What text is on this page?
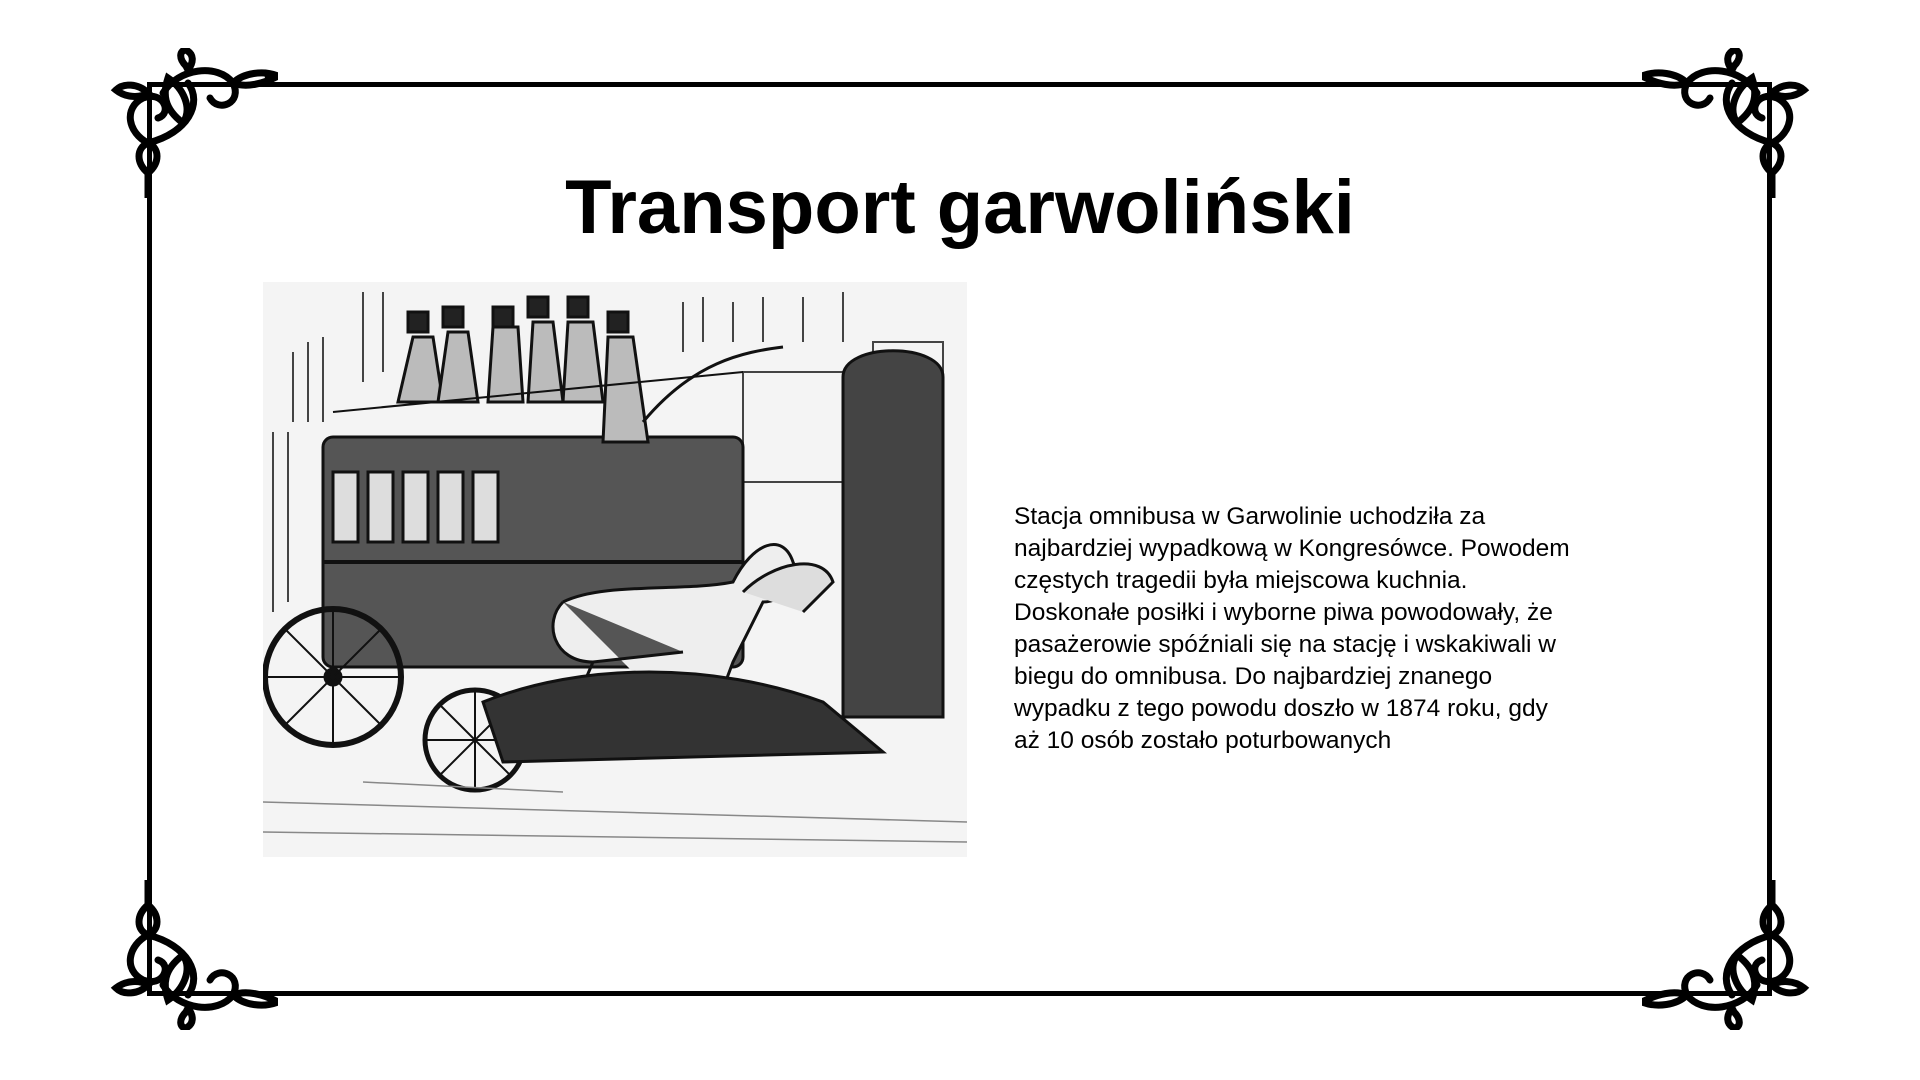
Transport garwoliński

Stacja omnibusa w Garwolinie uchodziła za najbardziej wypadkową w Kongresówce. Powodem częstych tragedii była miejscowa kuchnia. Doskonałe posiłki i wyborne piwa powodowały, że pasażerowie spóźniali się na stację i wskakiwali w biegu do omnibusa. Do najbardziej znanego wypadku z tego powodu doszło w 1874 roku, gdy aż 10 osób zostało poturbowanych
